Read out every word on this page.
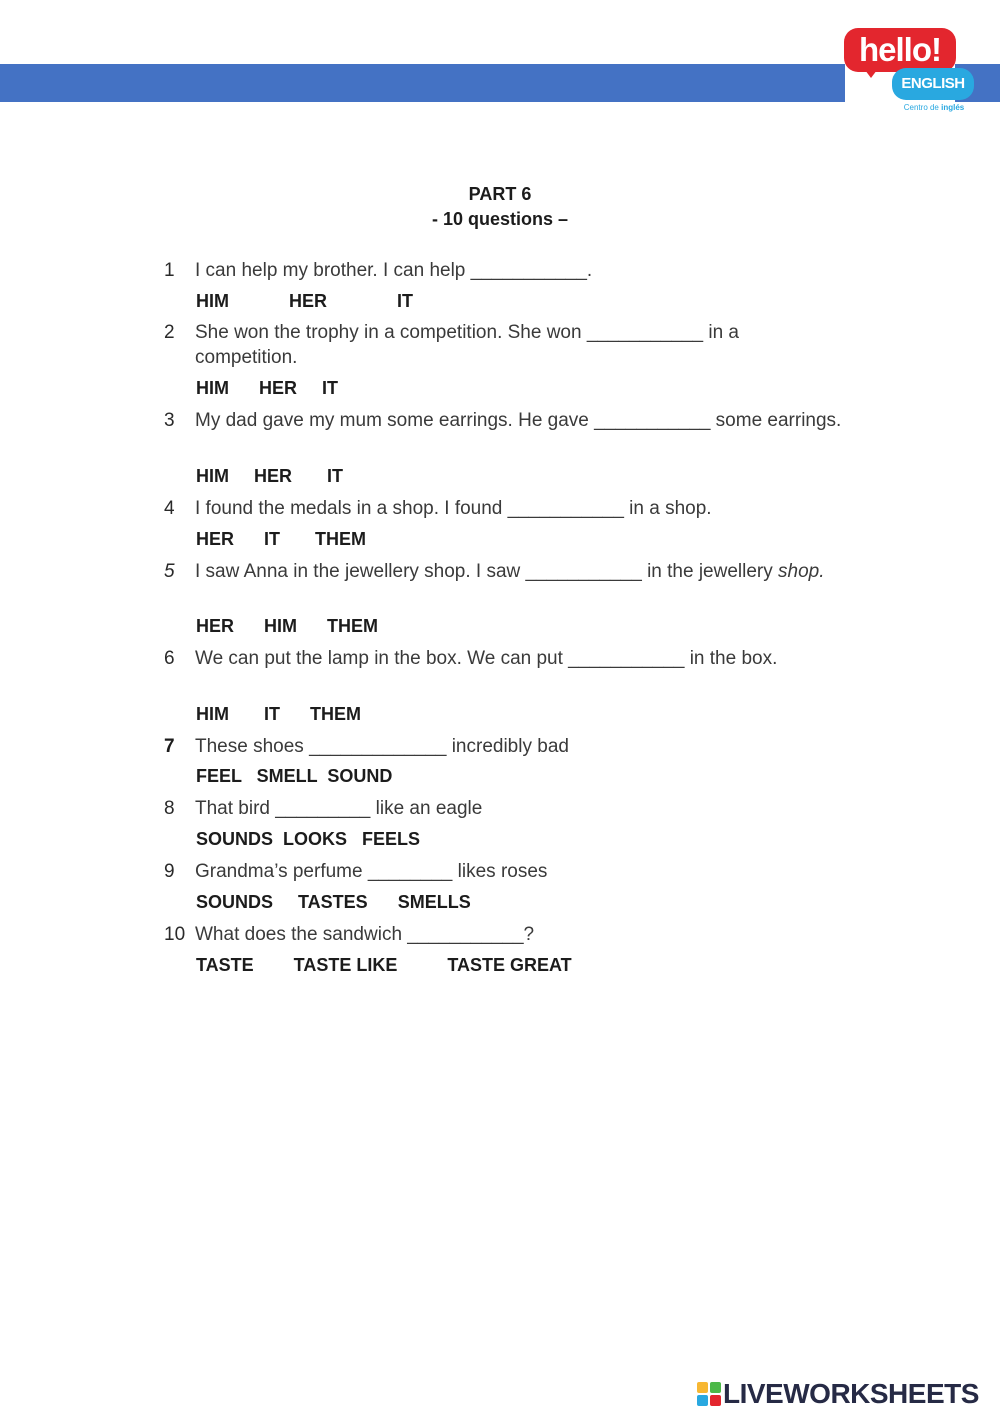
hello!
ENGLISH
Centro de inglés
PART 6
- 10 questions –
1	I can help my brother. I can help ___________.
HIM            HER              IT
2	She won the trophy in a competition. She won ___________ in a competition.
HIM      HER     IT
3	My dad gave my mum some earrings. He gave ___________ some earrings.
HIM     HER       IT
4	I found the medals in a shop. I found ___________ in a shop.
HER      IT       THEM
5	I saw Anna in the jewellery shop. I saw ___________ in the jewellery shop.
HER      HIM      THEM
6	We can put the lamp in the box. We can put ___________ in the box.
HIM       IT      THEM
7	These shoes _____________ incredibly bad
FEEL   SMELL  SOUND
8	That bird _________ like an eagle
SOUNDS  LOOKS   FEELS
9	Grandma’s perfume ________ likes roses
SOUNDS     TASTES      SMELLS
10 What does the sandwich ___________?
TASTE        TASTE LIKE          TASTE GREAT
LIVEWORKSHEETS
